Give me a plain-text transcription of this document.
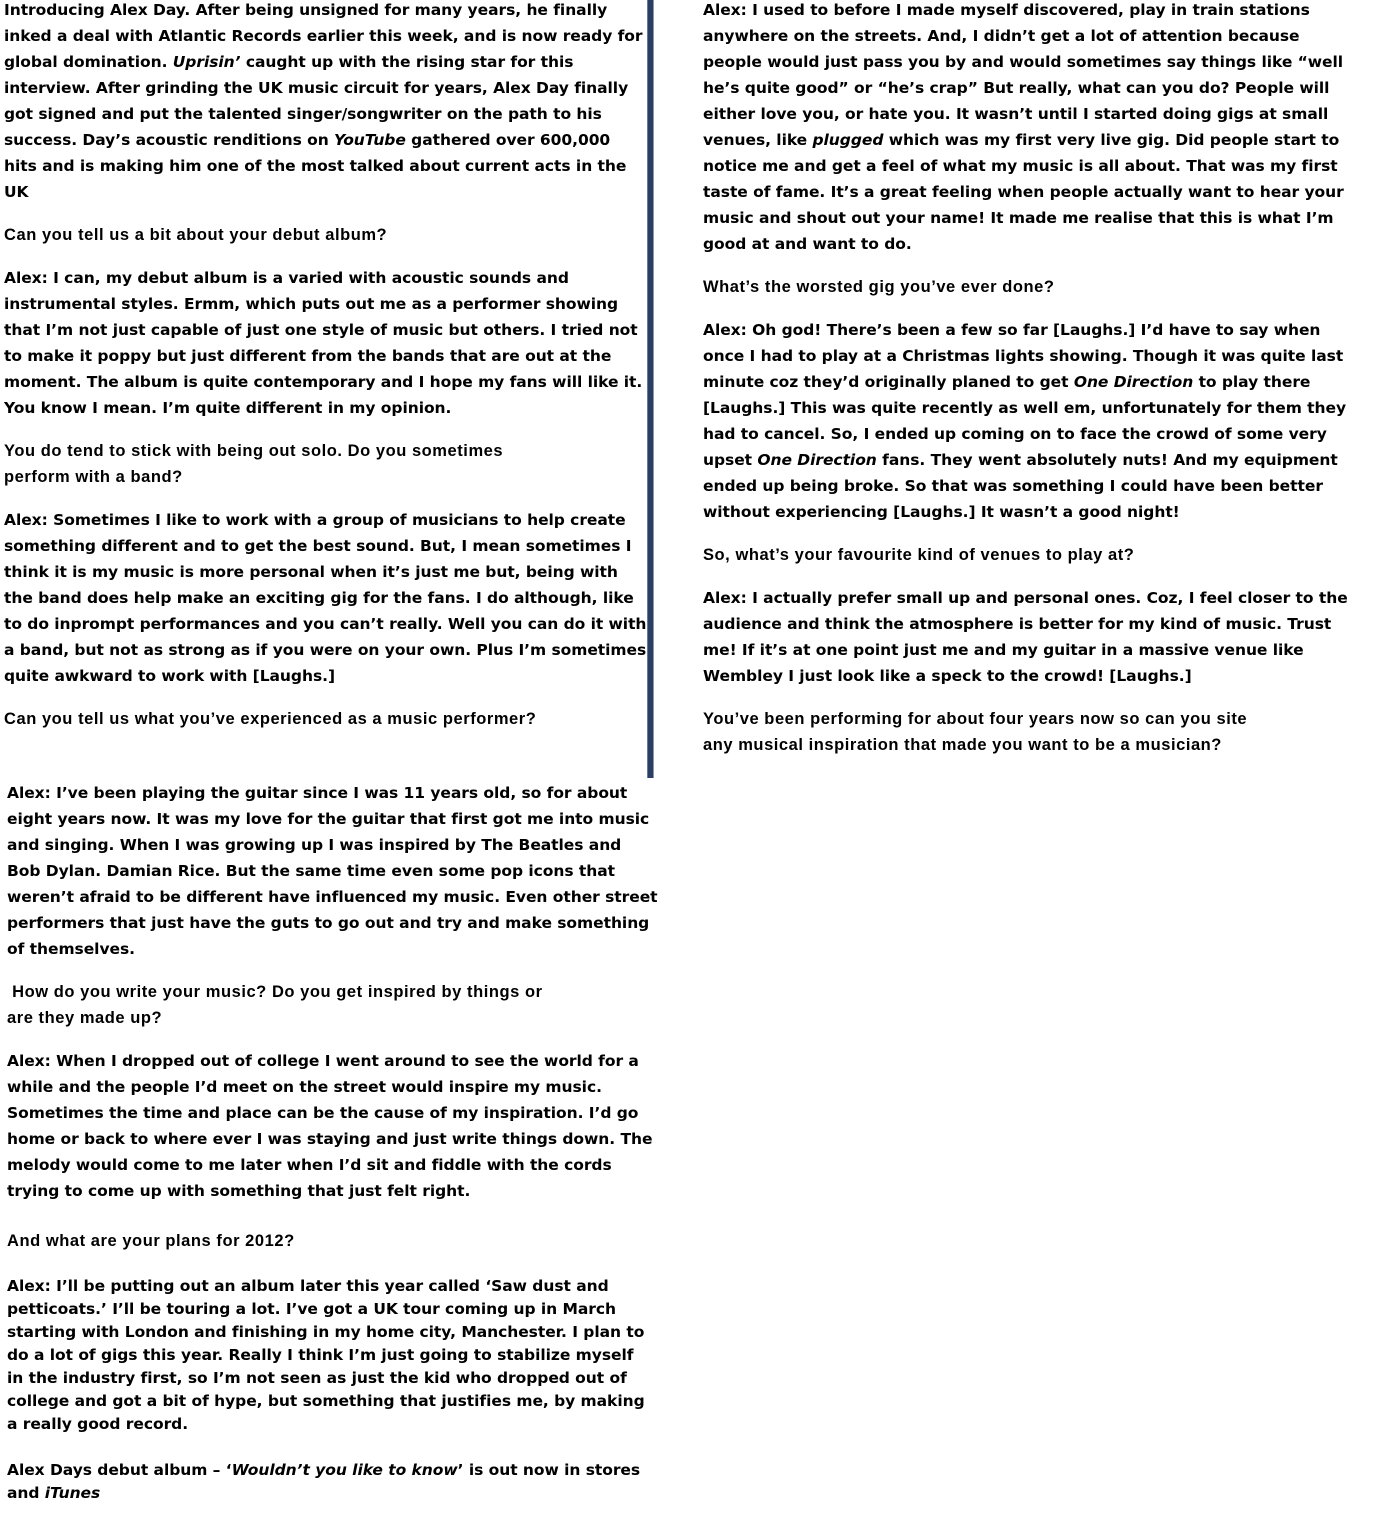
Introducing Alex Day. After being unsigned for many years, he finally
inked a deal with Atlantic Records earlier this week, and is now ready for
global domination. Uprisin’ caught up with the rising star for this
interview. After grinding the UK music circuit for years, Alex Day finally
got signed and put the talented singer/songwriter on the path to his
success. Day’s acoustic renditions on YouTube gathered over 600,000
hits and is making him one of the most talked about current acts in the
UK
Can you tell us a bit about your debut album?
Alex: I can, my debut album is a varied with acoustic sounds and
instrumental styles. Ermm, which puts out me as a performer showing
that I’m not just capable of just one style of music but others. I tried not
to make it poppy but just different from the bands that are out at the
moment. The album is quite contemporary and I hope my fans will like it.
You know I mean. I’m quite different in my opinion.
You do tend to stick with being out solo. Do you sometimes
perform with a band?
Alex: Sometimes I like to work with a group of musicians to help create
something different and to get the best sound. But, I mean sometimes I
think it is my music is more personal when it’s just me but, being with
the band does help make an exciting gig for the fans. I do although, like
to do inprompt performances and you can’t really. Well you can do it with
a band, but not as strong as if you were on your own. Plus I’m sometimes
quite awkward to work with [Laughs.]
Can you tell us what you’ve experienced as a music performer?
Alex: I’ve been playing the guitar since I was 11 years old, so for about
eight years now. It was my love for the guitar that first got me into music
and singing. When I was growing up I was inspired by The Beatles and
Bob Dylan. Damian Rice. But the same time even some pop icons that
weren’t afraid to be different have influenced my music. Even other street
performers that just have the guts to go out and try and make something
of themselves.
How do you write your music? Do you get inspired by things or
are they made up?
Alex: When I dropped out of college I went around to see the world for a
while and the people I’d meet on the street would inspire my music.
Sometimes the time and place can be the cause of my inspiration. I’d go
home or back to where ever I was staying and just write things down. The
melody would come to me later when I’d sit and fiddle with the cords
trying to come up with something that just felt right.
And what are your plans for 2012?
Alex: I’ll be putting out an album later this year called ‘Saw dust and
petticoats.’ I’ll be touring a lot. I’ve got a UK tour coming up in March
starting with London and finishing in my home city, Manchester. I plan to
do a lot of gigs this year. Really I think I’m just going to stabilize myself
in the industry first, so I’m not seen as just the kid who dropped out of
college and got a bit of hype, but something that justifies me, by making
a really good record.
Alex Days debut album – ‘Wouldn’t you like to know’ is out now in stores
and iTunes
Alex: I used to before I made myself discovered, play in train stations
anywhere on the streets. And, I didn’t get a lot of attention because
people would just pass you by and would sometimes say things like “well
he’s quite good” or “he’s crap” But really, what can you do? People will
either love you, or hate you. It wasn’t until I started doing gigs at small
venues, like plugged which was my first very live gig. Did people start to
notice me and get a feel of what my music is all about. That was my first
taste of fame. It’s a great feeling when people actually want to hear your
music and shout out your name! It made me realise that this is what I’m
good at and want to do.
What’s the worsted gig you’ve ever done?
Alex: Oh god! There’s been a few so far [Laughs.] I’d have to say when
once I had to play at a Christmas lights showing. Though it was quite last
minute coz they’d originally planed to get One Direction to play there
[Laughs.] This was quite recently as well em, unfortunately for them they
had to cancel. So, I ended up coming on to face the crowd of some very
upset One Direction fans. They went absolutely nuts! And my equipment
ended up being broke. So that was something I could have been better
without experiencing [Laughs.] It wasn’t a good night!
So, what’s your favourite kind of venues to play at?
Alex: I actually prefer small up and personal ones. Coz, I feel closer to the
audience and think the atmosphere is better for my kind of music. Trust
me! If it’s at one point just me and my guitar in a massive venue like
Wembley I just look like a speck to the crowd! [Laughs.]
You’ve been performing for about four years now so can you site
any musical inspiration that made you want to be a musician?
